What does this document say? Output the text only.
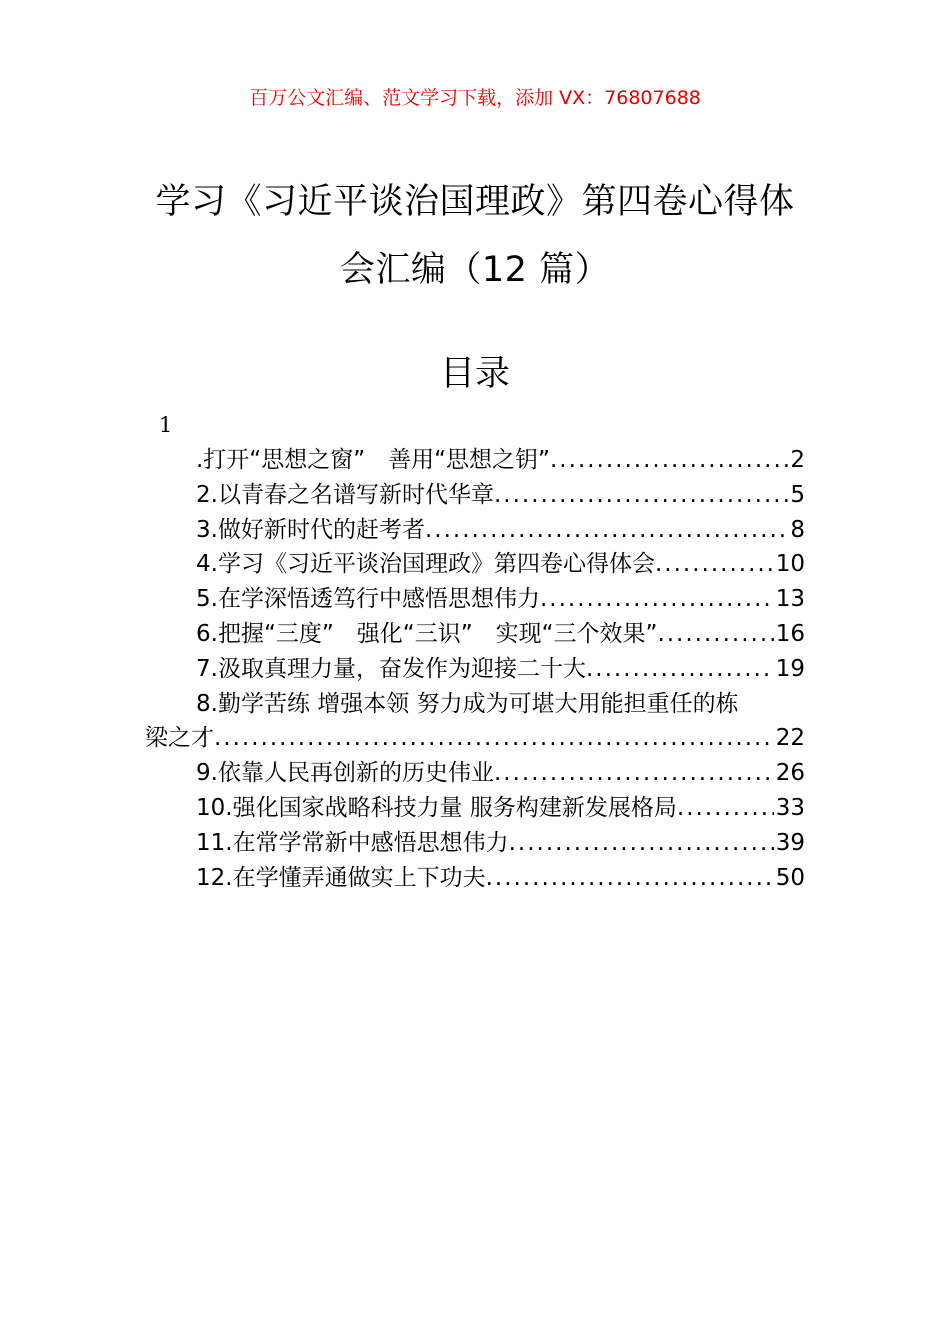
百万公文汇编、范文学习下载，添加 VX：76807688
学习《习近平谈治国理政》第四卷心得体
会汇编（12 篇）
目录
1
.打开“思想之窗”　善用“思想之钥” .....	2
2.以青春之名谱写新时代华章 .....	5
3.做好新时代的赶考者 .....	8
4.学习《习近平谈治国理政》第四卷心得体会 .....	10
5.在学深悟透笃行中感悟思想伟力 .....	13
6.把握“三度”　强化“三识”　实现“三个效果” .....	16
7.汲取真理力量，奋发作为迎接二十大 .....	19
8.勤学苦练 增强本领 努力成为可堪大用能担重任的栋
梁之才 .....	22
9.依靠人民再创新的历史伟业 .....	26
10.强化国家战略科技力量 服务构建新发展格局 .....	33
11.在常学常新中感悟思想伟力 .....	39
12.在学懂弄通做实上下功夫 .....	50
